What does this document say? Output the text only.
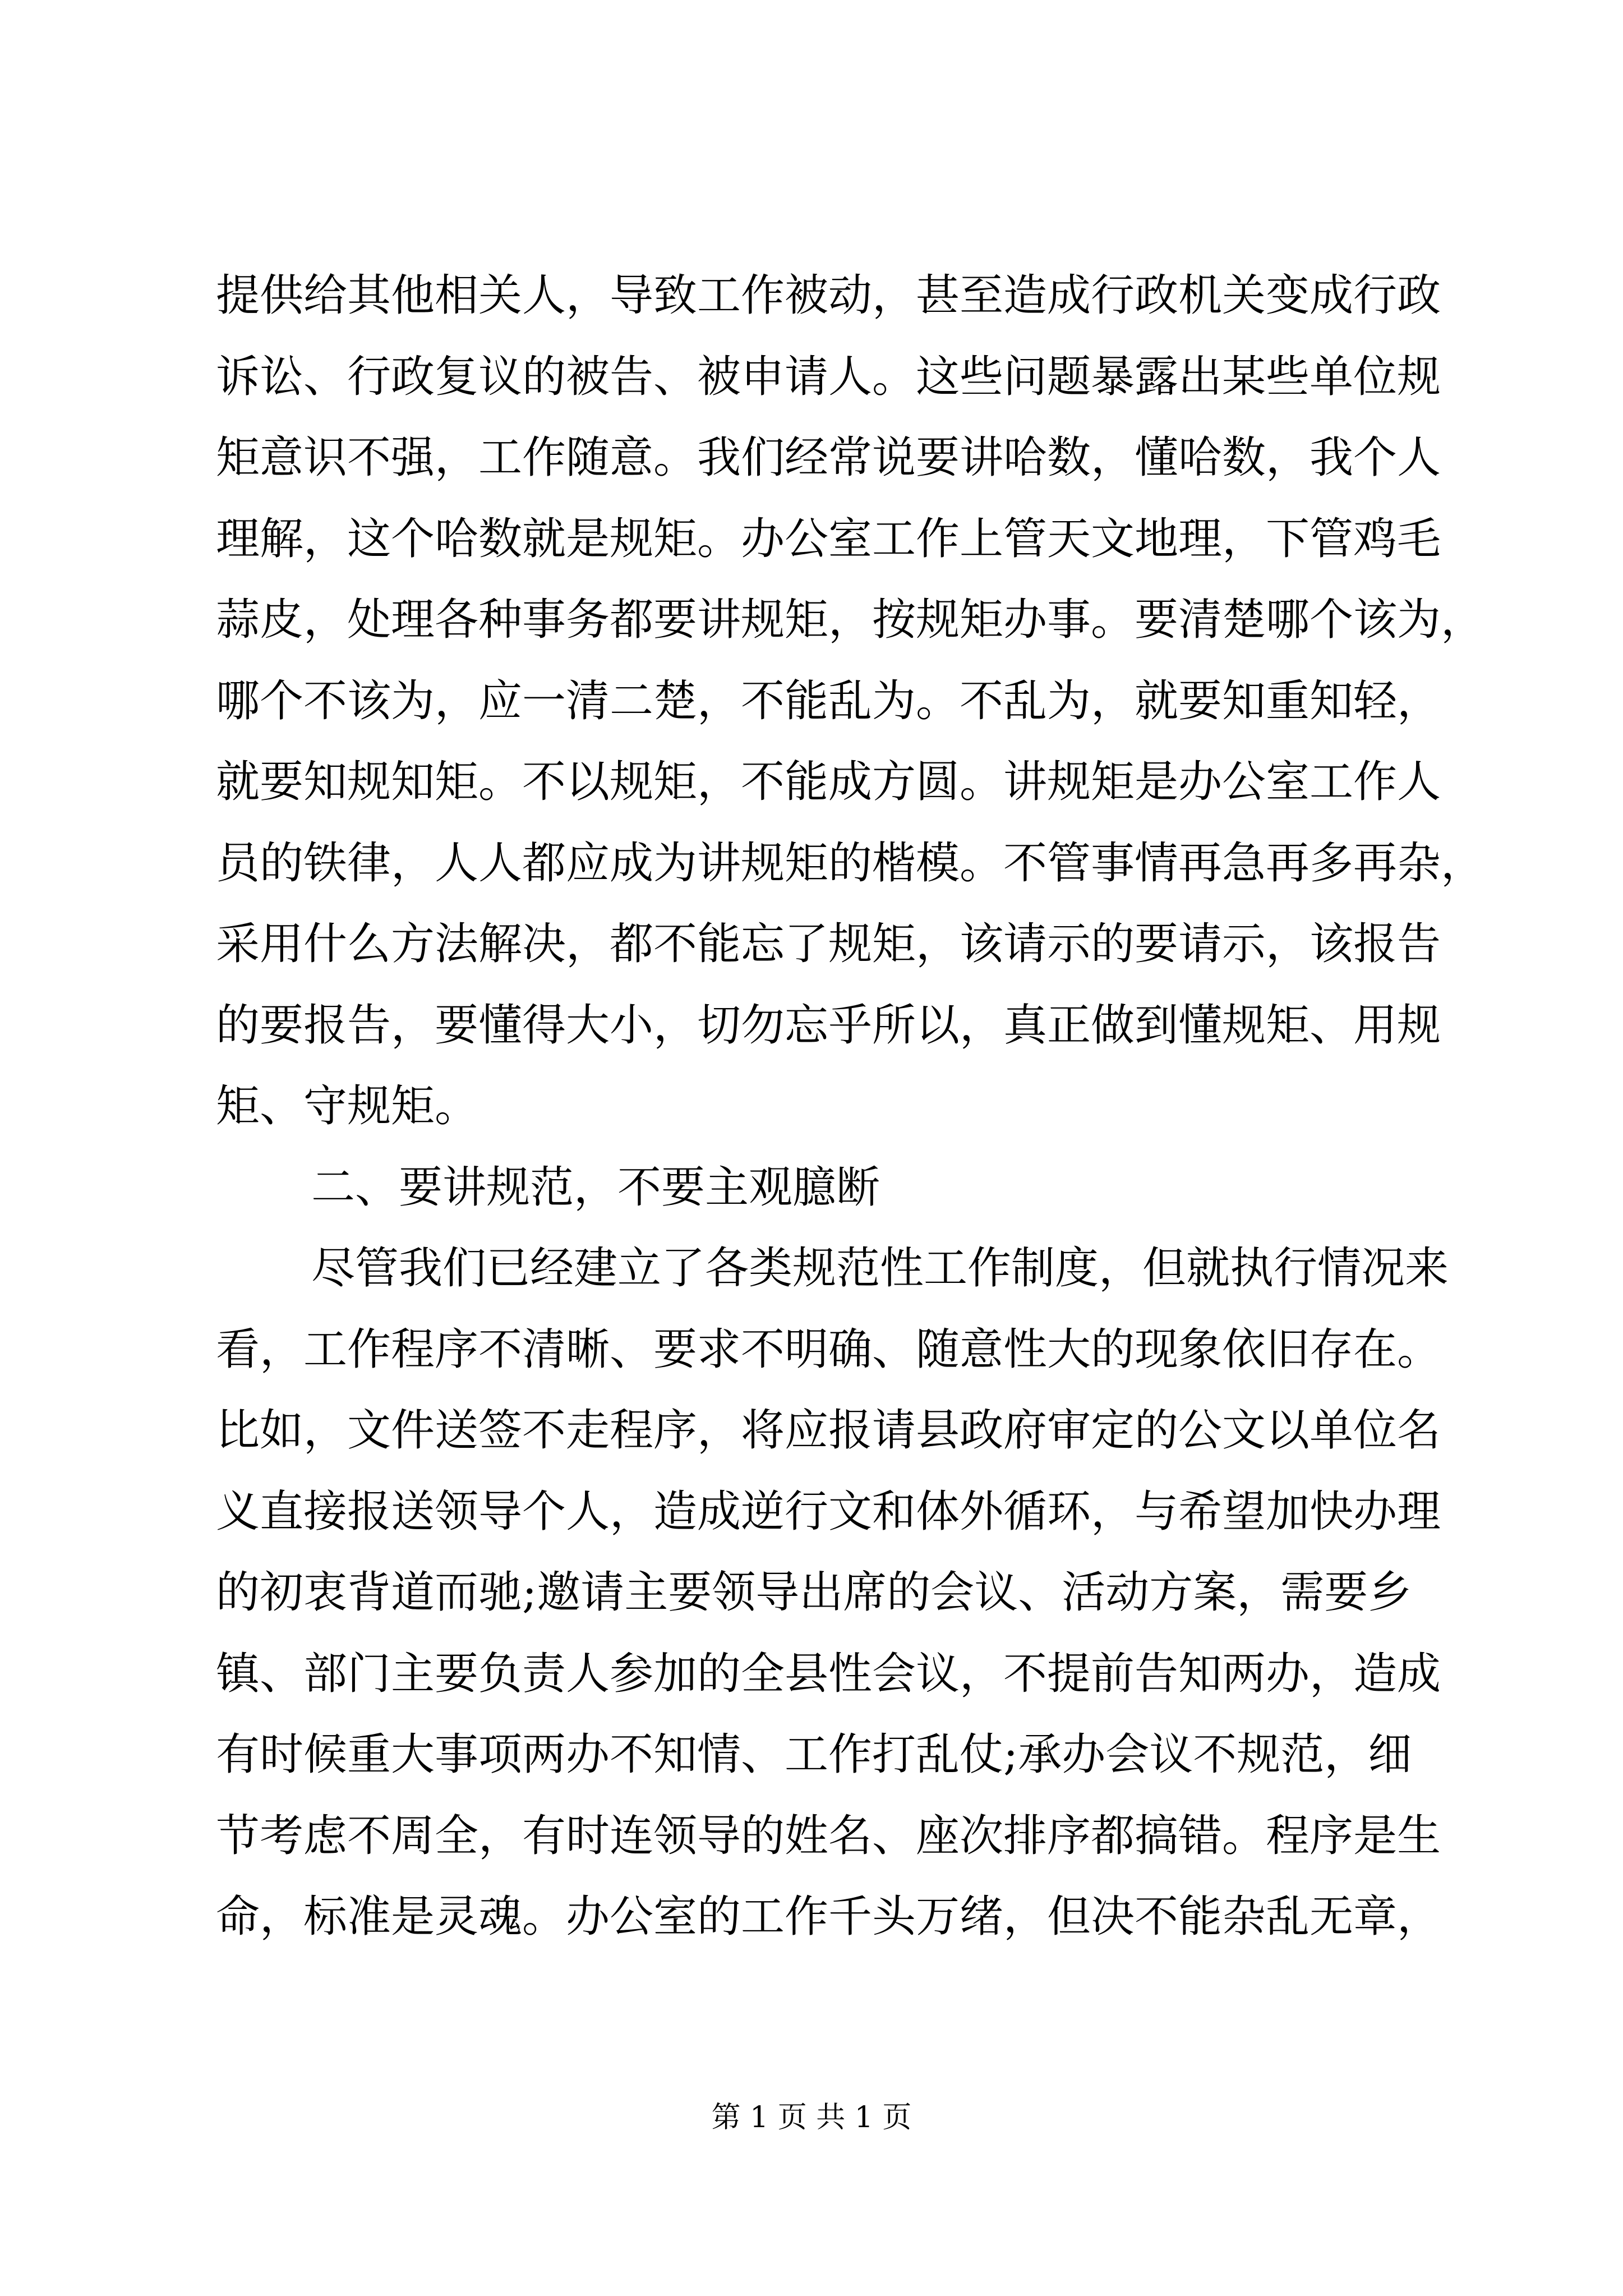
提供给其他相关人，导致工作被动，甚至造成行政机关变成行政
诉讼、行政复议的被告、被申请人。这些问题暴露出某些单位规
矩意识不强，工作随意。我们经常说要讲哈数，懂哈数，我个人
理解，这个哈数就是规矩。办公室工作上管天文地理，下管鸡毛
蒜皮，处理各种事务都要讲规矩，按规矩办事。要清楚哪个该为，
哪个不该为，应一清二楚，不能乱为。不乱为，就要知重知轻，
就要知规知矩。不以规矩，不能成方圆。讲规矩是办公室工作人
员的铁律，人人都应成为讲规矩的楷模。不管事情再急再多再杂，
采用什么方法解决，都不能忘了规矩，该请示的要请示，该报告
的要报告，要懂得大小，切勿忘乎所以，真正做到懂规矩、用规
矩、守规矩。
二、要讲规范，不要主观臆断
尽管我们已经建立了各类规范性工作制度，但就执行情况来
看，工作程序不清晰、要求不明确、随意性大的现象依旧存在。
比如，文件送签不走程序，将应报请县政府审定的公文以单位名
义直接报送领导个人，造成逆行文和体外循环，与希望加快办理
的初衷背道而驰;邀请主要领导出席的会议、活动方案，需要乡
镇、部门主要负责人参加的全县性会议，不提前告知两办，造成
有时候重大事项两办不知情、工作打乱仗;承办会议不规范，细
节考虑不周全，有时连领导的姓名、座次排序都搞错。程序是生
命，标准是灵魂。办公室的工作千头万绪，但决不能杂乱无章，
第 1 页 共 1 页
